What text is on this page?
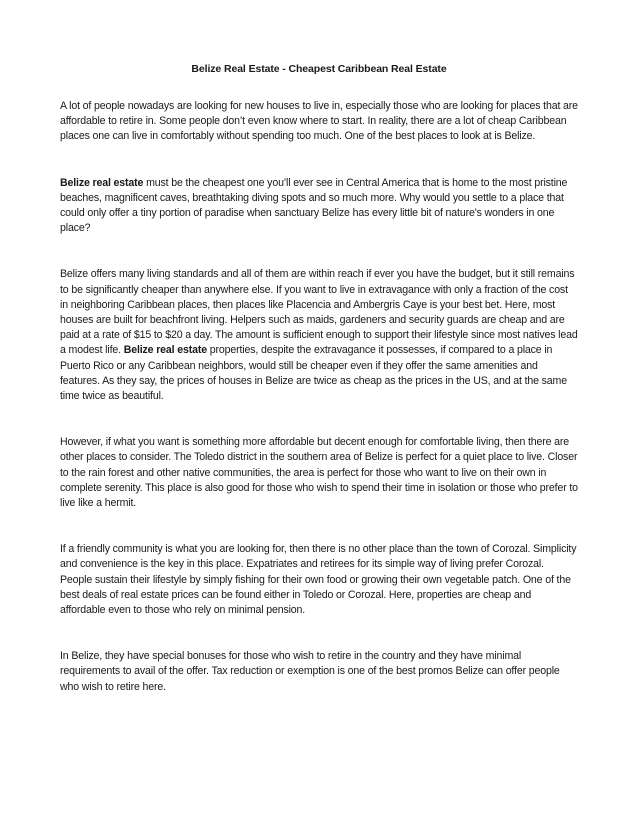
Belize Real Estate - Cheapest Caribbean Real Estate

A lot of people nowadays are looking for new houses to live in, especially those who are looking for places that are affordable to retire in. Some people don’t even know where to start. In reality, there are a lot of cheap Caribbean places one can live in comfortably without spending too much. One of the best places to look at is Belize.

Belize real estate must be the cheapest one you’ll ever see in Central America that is home to the most pristine beaches, magnificent caves, breathtaking diving spots and so much more. Why would you settle to a place that could only offer a tiny portion of paradise when sanctuary Belize has every little bit of nature's wonders in one place?

Belize offers many living standards and all of them are within reach if ever you have the budget, but it still remains to be significantly cheaper than anywhere else. If you want to live in extravagance with only a fraction of the cost in neighboring Caribbean places, then places like Placencia and Ambergris Caye is your best bet. Here, most houses are built for beachfront living. Helpers such as maids, gardeners and security guards are cheap and are paid at a rate of $15 to $20 a day. The amount is sufficient enough to support their lifestyle since most natives lead a modest life. Belize real estate properties, despite the extravagance it possesses, if compared to a place in Puerto Rico or any Caribbean neighbors, would still be cheaper even if they offer the same amenities and features. As they say, the prices of houses in Belize are twice as cheap as the prices in the US, and at the same time twice as beautiful.

However, if what you want is something more affordable but decent enough for comfortable living, then there are other places to consider. The Toledo district in the southern area of Belize is perfect for a quiet place to live. Closer to the rain forest and other native communities, the area is perfect for those who want to live on their own in complete serenity. This place is also good for those who wish to spend their time in isolation or those who prefer to live like a hermit.

If a friendly community is what you are looking for, then there is no other place than the town of Corozal. Simplicity and convenience is the key in this place. Expatriates and retirees for its simple way of living prefer Corozal. People sustain their lifestyle by simply fishing for their own food or growing their own vegetable patch. One of the best deals of real estate prices can be found either in Toledo or Corozal. Here, properties are cheap and affordable even to those who rely on minimal pension.

In Belize, they have special bonuses for those who wish to retire in the country and they have minimal requirements to avail of the offer. Tax reduction or exemption is one of the best promos Belize can offer people who wish to retire here.
